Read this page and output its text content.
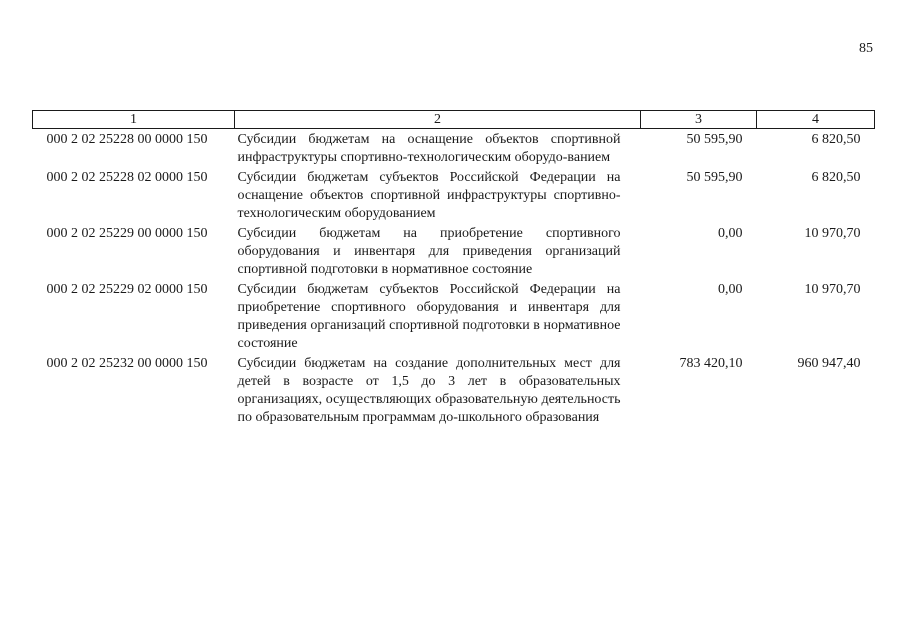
85
1	2	3	4
000 2 02 25228 00 0000 150	Субсидии бюджетам на оснащение объектов спортивной инфраструктуры спортивно-технологическим оборудо-ванием	50 595,90	6 820,50
000 2 02 25228 02 0000 150	Субсидии бюджетам субъектов Российской Федерации на оснащение объектов спортивной инфраструктуры спортивно-технологическим оборудованием	50 595,90	6 820,50
000 2 02 25229 00 0000 150	Субсидии бюджетам на приобретение спортивного оборудования и инвентаря для приведения организаций спортивной подготовки в нормативное состояние	0,00	10 970,70
000 2 02 25229 02 0000 150	Субсидии бюджетам субъектов Российской Федерации на приобретение спортивного оборудования и инвентаря для приведения организаций спортивной подготовки в нормативное состояние	0,00	10 970,70
000 2 02 25232 00 0000 150	Субсидии бюджетам на создание дополнительных мест для детей в возрасте от 1,5 до 3 лет в образовательных организациях, осуществляющих образовательную деятельность по образовательным программам до-школьного образования	783 420,10	960 947,40
